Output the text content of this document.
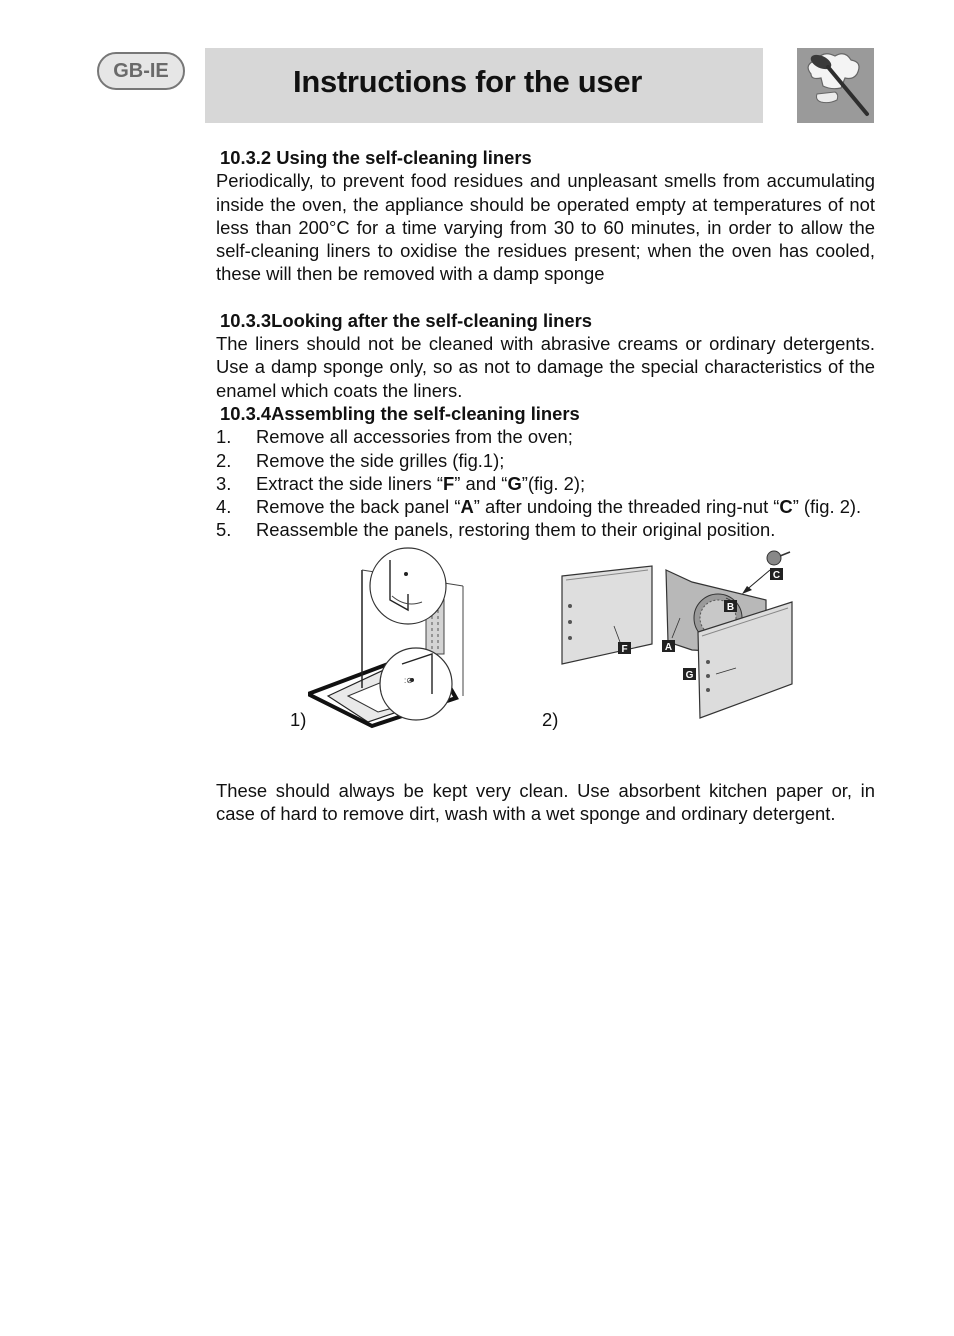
GB-IE	Instructions for the user

10.3.2 Using the self-cleaning liners

Periodically, to prevent food residues and unpleasant smells from accumulating inside the oven, the appliance should be operated empty at temperatures of not less than 200°C for a time varying from 30 to 60 minutes, in order to allow the self-cleaning liners to oxidise the residues present; when the oven has cooled, these will then be removed with a damp sponge

10.3.3Looking after the self-cleaning liners

The liners should not be cleaned with abrasive creams or ordinary detergents. Use a damp sponge only, so as not to damage the special characteristics of the enamel which coats the liners.

10.3.4Assembling the self-cleaning liners

1. Remove all accessories from the oven;
2. Remove the side grilles (fig.1);
3. Extract the side liners “F” and “G”(fig. 2);
4. Remove the back panel “A” after undoing the threaded ring-nut “C” (fig. 2).
5. Reassemble the panels, restoring them to their original position.
:⊘
1)
F	A
B
C
G
2)

These should always be kept very clean. Use absorbent kitchen paper or, in case of hard to remove dirt, wash with a wet sponge and ordinary detergent.
